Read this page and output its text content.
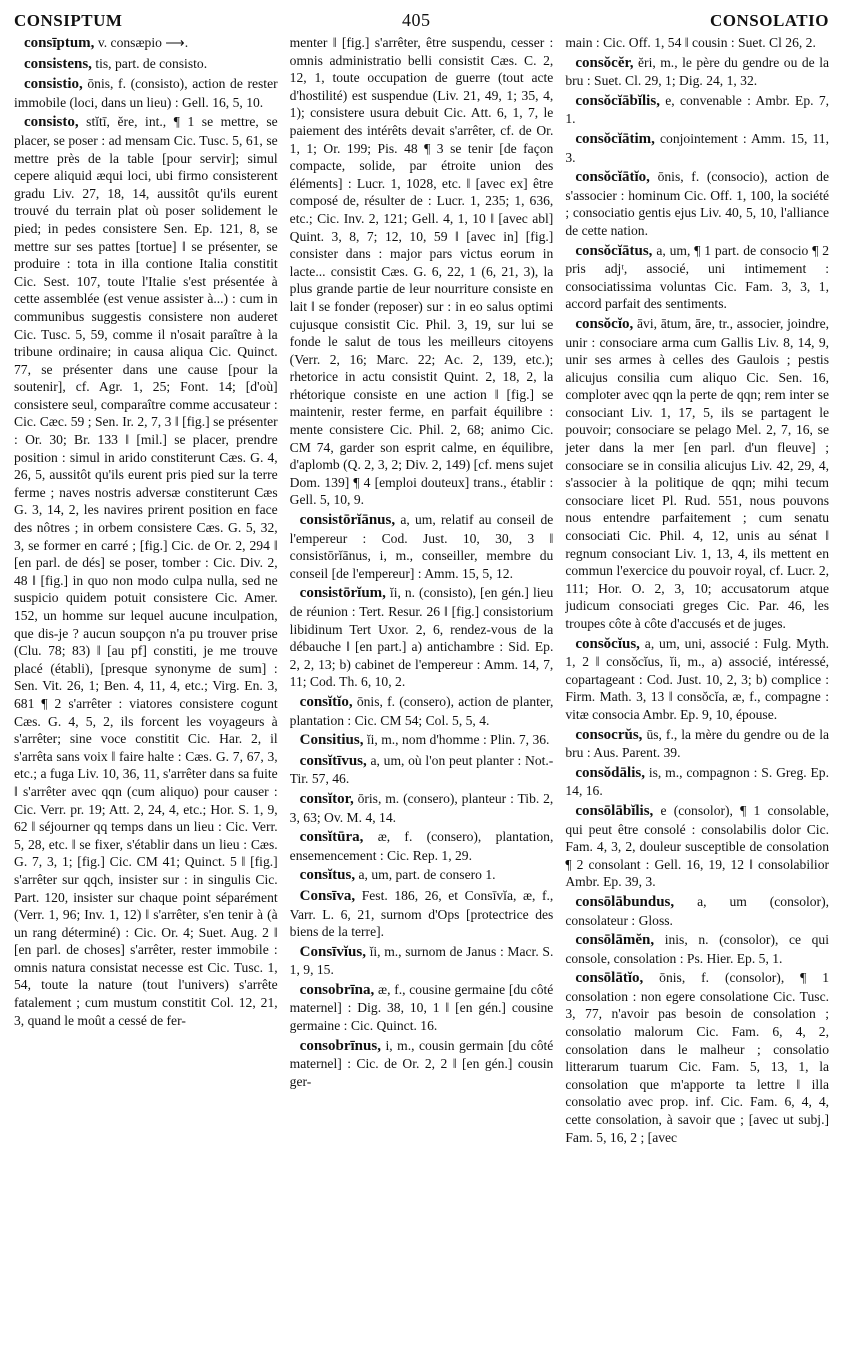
CONSIPTUM	405	CONSOLATIO

consīptum, v. consæpio ⟶.

consistens, tis, part. de consisto.

consistio, ōnis, f. (consisto), action de rester immobile (loci, dans un lieu) : Gell. 16, 5, 10.

consisto, stĭtī, ĕre, int., ¶ 1 se mettre, se placer, se poser : ad mensam Cic. Tusc. 5, 61, se mettre près de la table [pour servir]; simul cepere aliquid æqui loci, ubi firmo consisterent gradu Liv. 27, 18, 14, aussitôt qu'ils eurent trouvé du terrain plat où poser solidement le pied; in pedes consistere Sen. Ep. 121, 8, se mettre sur ses pattes [tortue] ‖ se présenter, se produire : tota in illa contione Italia constitit Cic. Sest. 107, toute l'Italie s'est présentée à cette assemblée (est venue assister à...) : cum in communibus suggestis consistere non auderet Cic. Tusc. 5, 59, comme il n'osait paraître à la tribune ordinaire; in causa aliqua Cic. Quinct. 77, se présenter dans une cause [pour la soutenir], cf. Agr. 1, 25; Font. 14; [d'où] consistere seul, comparaître comme accusateur : Cic. Cæc. 59 ; Sen. Ir. 2, 7, 3 ‖ [fig.] se présenter : Or. 30; Br. 133 ‖ [mil.] se placer, prendre position : simul in arido constiterunt Cæs. G. 4, 26, 5, aussitôt qu'ils eurent pris pied sur la terre ferme ; naves nostris adversæ constiterunt Cæs G. 3, 14, 2, les navires prirent position en face des nôtres ; in orbem consistere Cæs. G. 5, 32, 3, se former en carré ; [fig.] Cic. de Or. 2, 294 ‖ [en parl. de dés] se poser, tomber : Cic. Div. 2, 48 ‖ [fig.] in quo non modo culpa nulla, sed ne suspicio quidem potuit consistere Cic. Amer. 152, un homme sur lequel aucune inculpation, que dis-je ? aucun soupçon n'a pu trouver prise (Clu. 78; 83) ‖ [au pf] constiti, je me trouve placé (établi), [presque synonyme de sum] : Sen. Vit. 26, 1; Ben. 4, 11, 4, etc.; Virg. En. 3, 681 ¶ 2 s'arrêter : viatores consistere cogunt Cæs. G. 4, 5, 2, ils forcent les voyageurs à s'arrêter; sine voce constitit Cic. Har. 2, il s'arrêta sans voix ‖ faire halte : Cæs. G. 7, 67, 3, etc.; a fuga Liv. 10, 36, 11, s'arrêter dans sa fuite ‖ s'arrêter avec qqn (cum aliquo) pour causer : Cic. Verr. pr. 19; Att. 2, 24, 4, etc.; Hor. S. 1, 9, 62 ‖ séjourner qq temps dans un lieu : Cic. Verr. 5, 28, etc. ‖ se fixer, s'établir dans un lieu : Cæs. G. 7, 3, 1; [fig.] Cic. CM 41; Quinct. 5 ‖ [fig.] s'arrêter sur qqch, insister sur : in singulis Cic. Part. 120, insister sur chaque point séparément (Verr. 1, 96; Inv. 1, 12) ‖ s'arrêter, s'en tenir à (à un rang déterminé) : Cic. Or. 4; Suet. Aug. 2 ‖ [en parl. de choses] s'arrêter, rester immobile : omnis natura consistat necesse est Cic. Tusc. 1, 54, toute la nature (tout l'univers) s'arrête fatalement ; cum mustum constitit Col. 12, 21, 3, quand le moût a cessé de fer-

menter ‖ [fig.] s'arrêter, être suspendu, cesser : omnis administratio belli consistit Cæs. C. 2, 12, 1, toute occupation de guerre (tout acte d'hostilité) est suspendue (Liv. 21, 49, 1; 35, 4, 1); consistere usura debuit Cic. Att. 6, 1, 7, le paiement des intérêts devait s'arrêter, cf. de Or. 1, 1; Or. 199; Pis. 48 ¶ 3 se tenir [de façon compacte, solide, par étroite union des éléments] : Lucr. 1, 1028, etc. ‖ [avec ex] être composé de, résulter de : Lucr. 1, 235; 1, 636, etc.; Cic. Inv. 2, 121; Gell. 4, 1, 10 ‖ [avec abl] Quint. 3, 8, 7; 12, 10, 59 ‖ [avec in] [fig.] consister dans : major pars victus eorum in lacte... consistit Cæs. G. 6, 22, 1 (6, 21, 3), la plus grande partie de leur nourriture consiste en lait ‖ se fonder (reposer) sur : in eo salus optimi cujusque consistit Cic. Phil. 3, 19, sur lui se fonde le salut de tous les meilleurs citoyens (Verr. 2, 16; Marc. 22; Ac. 2, 139, etc.); rhetorice in actu consistit Quint. 2, 18, 2, la rhétorique consiste en une action ‖ [fig.] se maintenir, rester ferme, en parfait équilibre : mente consistere Cic. Phil. 2, 68; animo Cic. CM 74, garder son esprit calme, en équilibre, d'aplomb (Q. 2, 3, 2; Div. 2, 149) [cf. mens sujet Dom. 139] ¶ 4 [emploi douteux] trans., établir : Gell. 5, 10, 9.

consistōrĭānus, a, um, relatif au conseil de l'empereur : Cod. Just. 10, 30, 3 ‖ consistōrĭānus, i, m., conseiller, membre du conseil [de l'empereur] : Amm. 15, 5, 12.

consistōrĭum, ĭi, n. (consisto), [en gén.] lieu de réunion : Tert. Resur. 26 ‖ [fig.] consistorium libidinum Tert Uxor. 2, 6, rendez-vous de la débauche ‖ [en part.] a) antichambre : Sid. Ep. 2, 2, 13; b) cabinet de l'empereur : Amm. 14, 7, 11; Cod. Th. 6, 10, 2.

consĭtĭo, ōnis, f. (consero), action de planter, plantation : Cic. CM 54; Col. 5, 5, 4.

Consitius, ĭi, m., nom d'homme : Plin. 7, 36.

consĭtīvus, a, um, où l'on peut planter : Not.-Tir. 57, 46.

consĭtor, ōris, m. (consero), planteur : Tib. 2, 3, 63; Ov. M. 4, 14.

consĭtūra, æ, f. (consero), plantation, ensemencement : Cic. Rep. 1, 29.

consĭtus, a, um, part. de consero 1.

Consīva, Fest. 186, 26, et Consīvĭa, æ, f., Varr. L. 6, 21, surnom d'Ops [protectrice des biens de la terre].

Consīvĭus, ĭi, m., surnom de Janus : Macr. S. 1, 9, 15.

consobrīna, æ, f., cousine germaine [du côté maternel] : Dig. 38, 10, 1 ‖ [en gén.] cousine germaine : Cic. Quinct. 16.

consobrīnus, i, m., cousin germain [du côté maternel] : Cic. de Or. 2, 2 ‖ [en gén.] cousin ger-

main : Cic. Off. 1, 54 ‖ cousin : Suet. Cl 26, 2.

consŏcĕr, ĕri, m., le père du gendre ou de la bru : Suet. Cl. 29, 1; Dig. 24, 1, 32.

consŏcĭābĭlis, e, convenable : Ambr. Ep. 7, 1.

consŏcĭātim, conjointement : Amm. 15, 11, 3.

consŏcĭātĭo, ōnis, f. (consocio), action de s'associer : hominum Cic. Off. 1, 100, la société ; consociatio gentis ejus Liv. 40, 5, 10, l'alliance de cette nation.

consŏcĭātus, a, um, ¶ 1 part. de consocio ¶ 2 pris adjᵗ, associé, uni intimement : consociatissima voluntas Cic. Fam. 3, 3, 1, accord parfait des sentiments.

consŏcĭo, āvi, ātum, āre, tr., associer, joindre, unir : consociare arma cum Gallis Liv. 8, 14, 9, unir ses armes à celles des Gaulois ; pestis alicujus consilia cum aliquo Cic. Sen. 16, comploter avec qqn la perte de qqn; rem inter se consociant Liv. 1, 17, 5, ils se partagent le pouvoir; consociare se pelago Mel. 2, 7, 16, se jeter dans la mer [en parl. d'un fleuve] ; consociare se in consilia alicujus Liv. 42, 29, 4, s'associer à la politique de qqn; mihi tecum consociare licet Pl. Rud. 551, nous pouvons nous entendre parfaitement ; cum senatu consociati Cic. Phil. 4, 12, unis au sénat ‖ regnum consociant Liv. 1, 13, 4, ils mettent en commun l'exercice du pouvoir royal, cf. Lucr. 2, 111; Hor. O. 2, 3, 10; accusatorum atque judicum consociati greges Cic. Par. 46, les troupes côte à côte d'accusés et de juges.

consŏcĭus, a, um, uni, associé : Fulg. Myth. 1, 2 ‖ consŏcĭus, ĭi, m., a) associé, intéressé, copartageant : Cod. Just. 10, 2, 3; b) complice : Firm. Math. 3, 13 ‖ consŏcĭa, æ, f., compagne : vitæ consocia Ambr. Ep. 9, 10, épouse.

consocrŭs, ūs, f., la mère du gendre ou de la bru : Aus. Parent. 39.

consŏdālis, is, m., compagnon : S. Greg. Ep. 14, 16.

consōlābĭlis, e (consolor), ¶ 1 consolable, qui peut être consolé : consolabilis dolor Cic. Fam. 4, 3, 2, douleur susceptible de consolation ¶ 2 consolant : Gell. 16, 19, 12 ‖ consolabilior Ambr. Ep. 39, 3.

consōlābundus, a, um (consolor), consolateur : Gloss.

consōlāmĕn, inis, n. (consolor), ce qui console, consolation : Ps. Hier. Ep. 5, 1.

consōlātĭo, ōnis, f. (consolor), ¶ 1 consolation : non egere consolatione Cic. Tusc. 3, 77, n'avoir pas besoin de consolation ; consolatio malorum Cic. Fam. 6, 4, 2, consolation dans le malheur ; consolatio litterarum tuarum Cic. Fam. 5, 13, 1, la consolation que m'apporte ta lettre ‖ illa consolatio avec prop. inf. Cic. Fam. 6, 4, 4, cette consolation, à savoir que ; [avec ut subj.] Fam. 5, 16, 2 ; [avec
